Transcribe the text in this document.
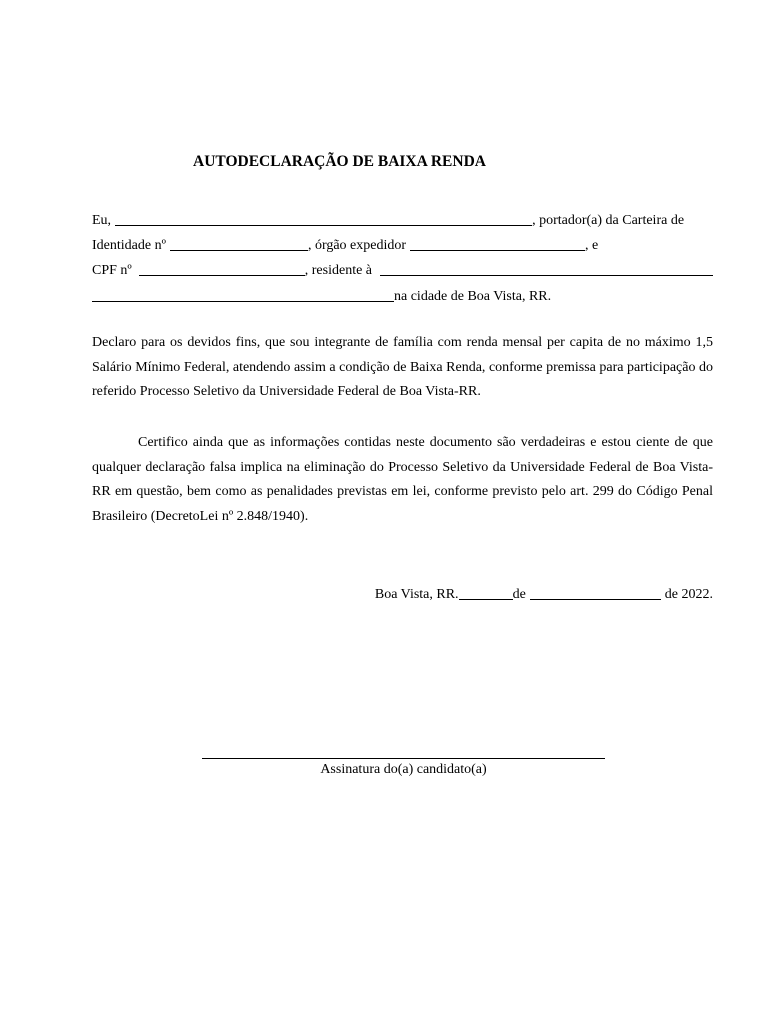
AUTODECLARAÇÃO DE BAIXA RENDA
Eu,	, portador(a) da Carteira de
Identidade nº	, órgão expedidor	, e
CPF nº	, residente à
na cidade de Boa Vista, RR.

Declaro para os devidos fins, que sou integrante de família com renda mensal per capita de no máximo 1,5 Salário Mínimo Federal, atendendo assim a condição de Baixa Renda, conforme premissa para participação do referido Processo Seletivo da Universidade Federal de Boa Vista-RR.

Certifico ainda que as informações contidas neste documento são verdadeiras e estou ciente de que qualquer declaração falsa implica na eliminação do Processo Seletivo da Universidade Federal de Boa Vista-RR em questão, bem como as penalidades previstas em lei, conforme previsto pelo art. 299 do Código Penal Brasileiro (DecretoLei nº 2.848/1940).

Boa Vista, RR.	de	de 2022.
Assinatura do(a) candidato(a)
